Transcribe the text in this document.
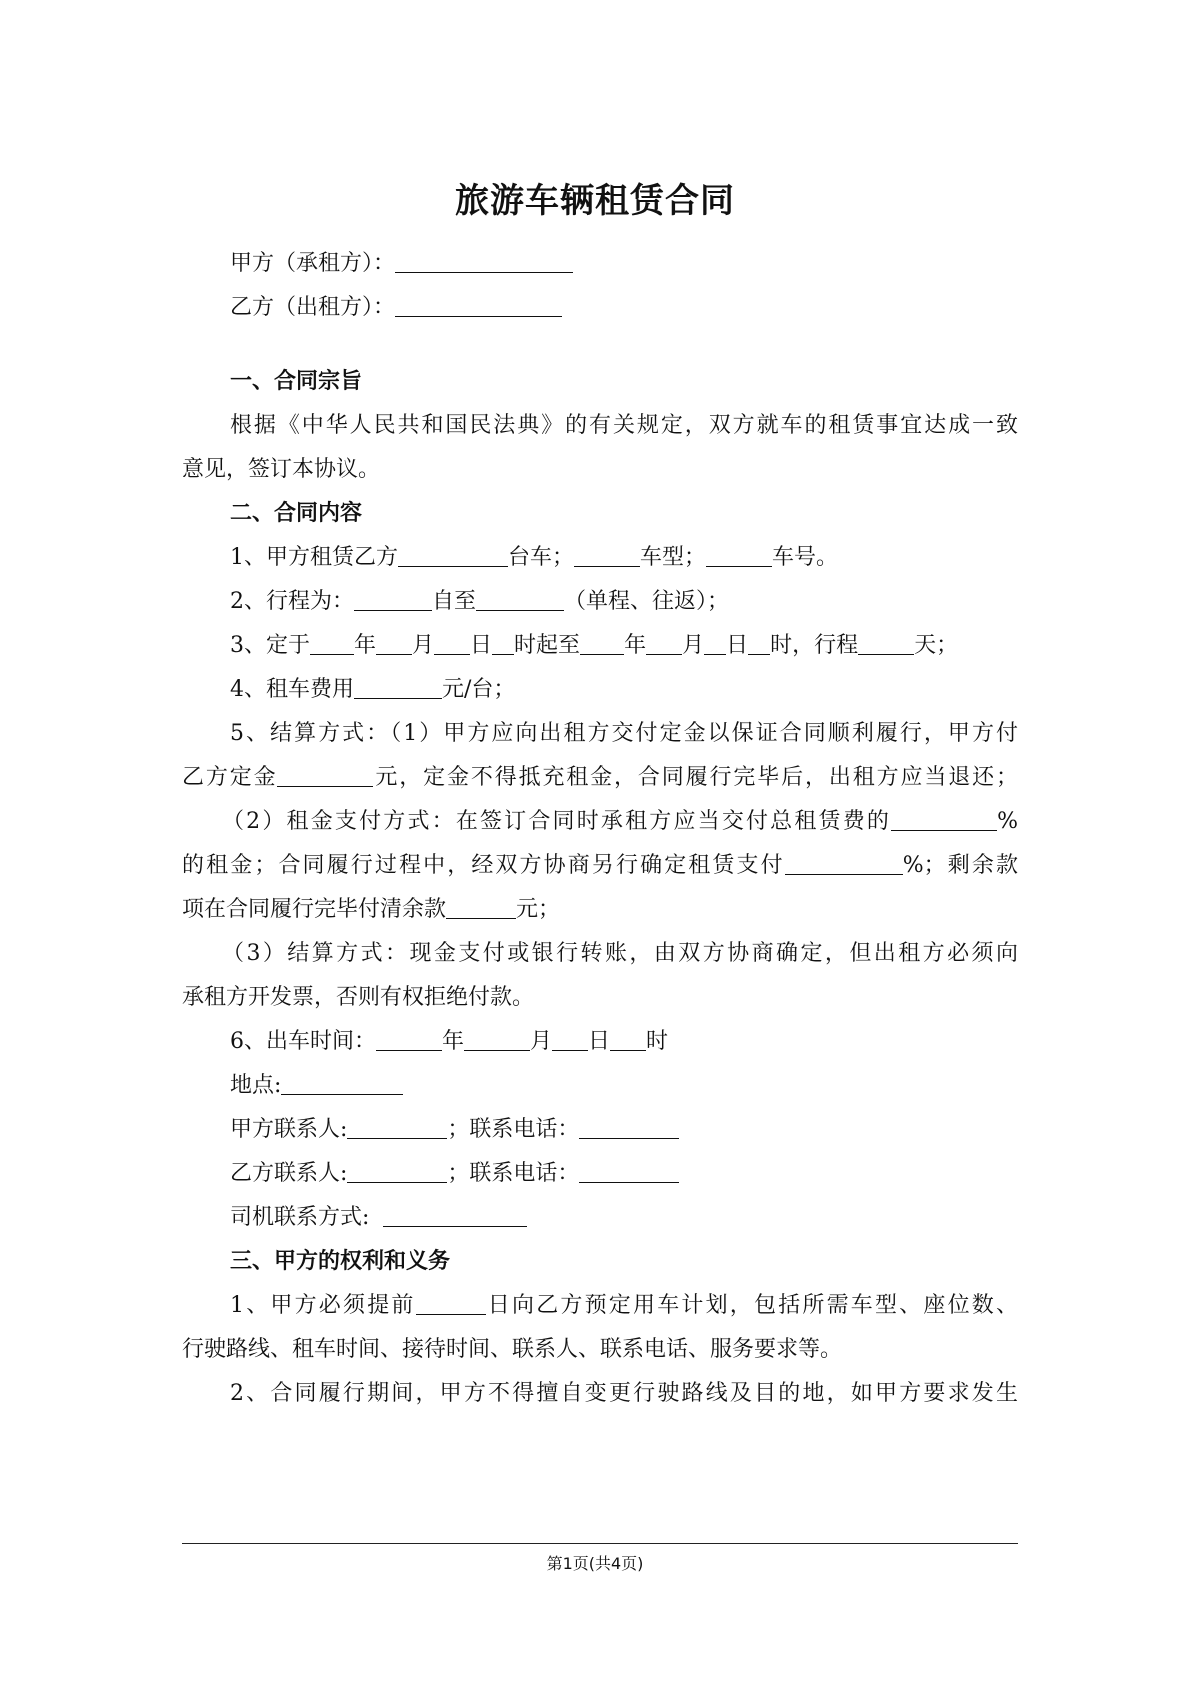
旅游车辆租赁合同
甲方（承租方）：
乙方（出租方）：
一、合同宗旨
根据《中华人民共和国民法典》的有关规定，双方就车的租赁事宜达成一致
意见，签订本协议。
二、合同内容
1、甲方租赁乙方	台车；	车型；	车号。
2、行程为：	自至	（单程、往返）；
3、定于 年 月 日 时起至 年 月 日 时，行程	天；
4、租车费用	元/台；
5、结算方式：（1）甲方应向出租方交付定金以保证合同顺利履行，甲方付
乙方定金	元，定金不得抵充租金，合同履行完毕后，出租方应当退还；
（2）租金支付方式：在签订合同时承租方应当交付总租赁费的	%
的租金；合同履行过程中，经双方协商另行确定租赁支付	%；剩余款
项在合同履行完毕付清余款	元；
（3）结算方式：现金支付或银行转账，由双方协商确定，但出租方必须向
承租方开发票，否则有权拒绝付款。
6、出车时间：	年	月 日 时
地点:
甲方联系人:	；联系电话：
乙方联系人:	；联系电话：
司机联系方式:
三、甲方的权利和义务
1、甲方必须提前	日向乙方预定用车计划，包括所需车型、座位数、
行驶路线、租车时间、接待时间、联系人、联系电话、服务要求等。
2、合同履行期间，甲方不得擅自变更行驶路线及目的地，如甲方要求发生
第1页(共4页)
